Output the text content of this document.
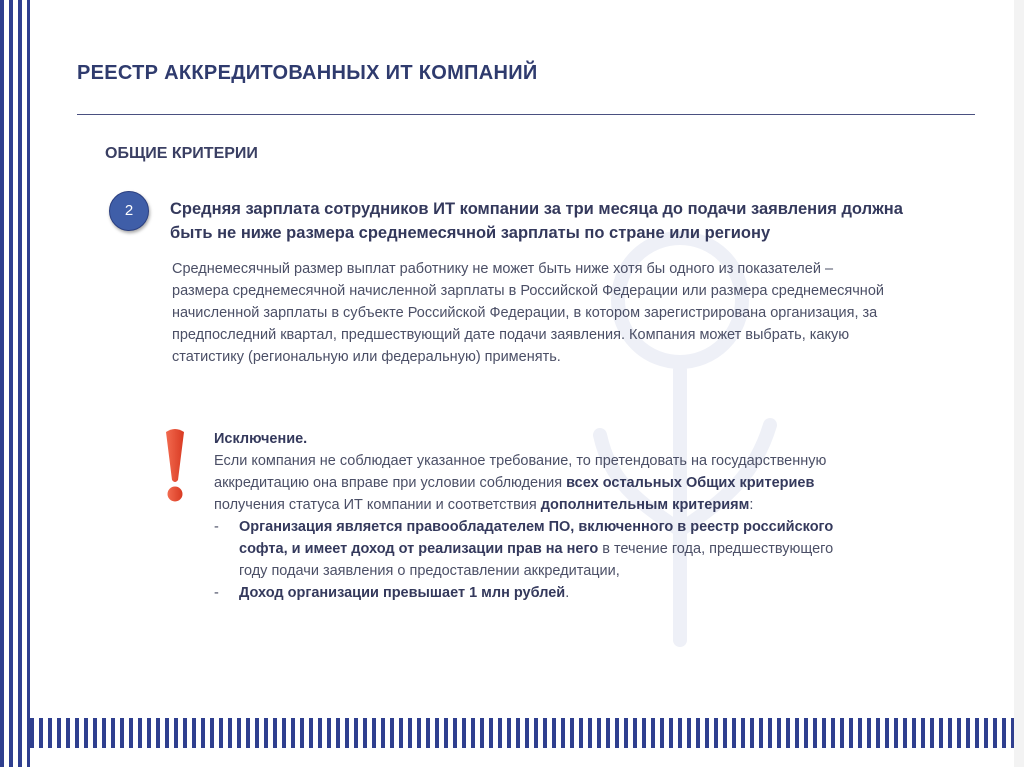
РЕЕСТР АККРЕДИТОВАННЫХ ИТ КОМПАНИЙ
ОБЩИЕ КРИТЕРИИ
2	Средняя зарплата сотрудников ИТ компании за три месяца до подачи заявления должна быть не ниже размера среднемесячной зарплаты по стране или региону

Среднемесячный размер выплат работнику не может быть ниже хотя бы одного из показателей – размера среднемесячной начисленной зарплаты в Российской Федерации или размера среднемесячной начисленной зарплаты в субъекте Российской Федерации, в котором зарегистрирована организация, за предпоследний квартал, предшествующий дате подачи заявления. Компания может выбрать, какую статистику (региональную или федеральную) применять.

Исключение.

Если компания не соблюдает указанное требование, то претендовать на государственную аккредитацию она вправе при условии соблюдения всех остальных Общих критериев получения статуса ИТ компании и соответствия дополнительным критериям:

- Организация является правообладателем ПО, включенного в реестр российского софта, и имеет доход от реализации прав на него в течение года, предшествующего году подачи заявления о предоставлении аккредитации,
- Доход организации превышает 1 млн рублей.
